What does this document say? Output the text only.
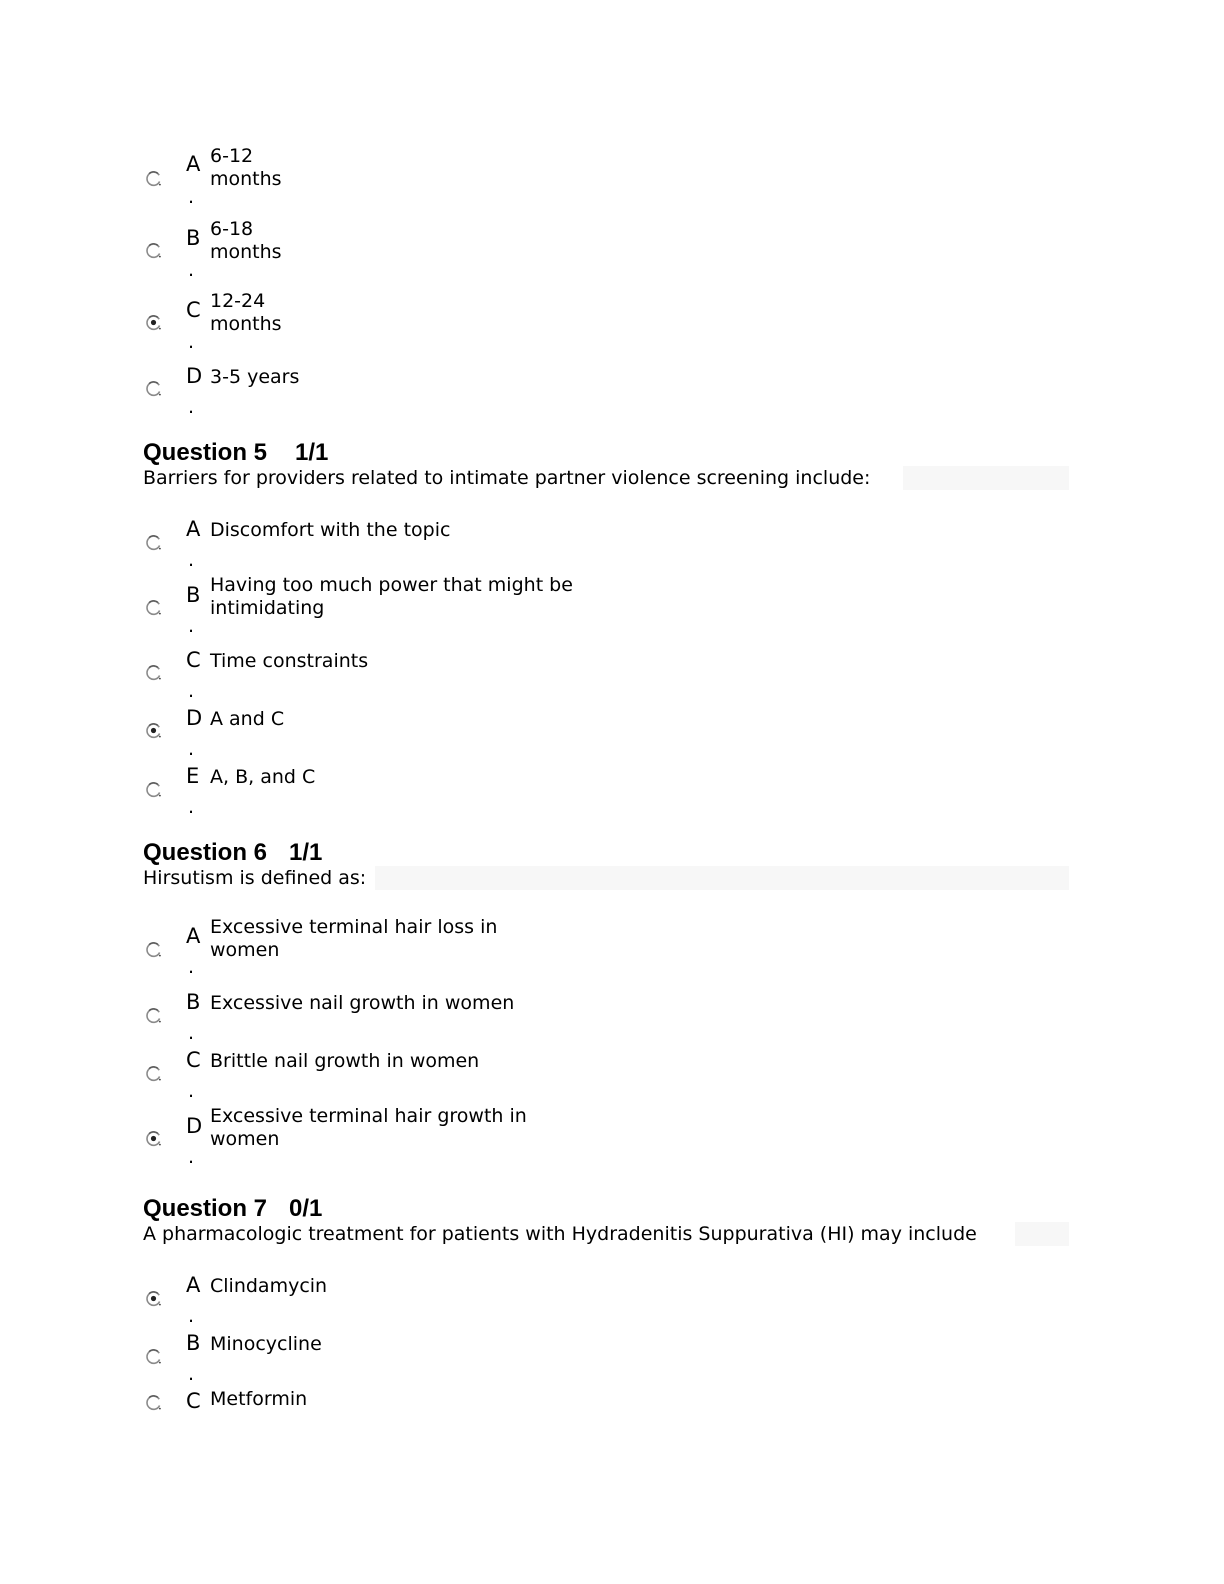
A 6-12
months
.
B 6-18
months
.
C 12-24
months
.
D 3-5 years
.
Question 5 1/1
Barriers for providers related to intimate partner violence screening include:
A Discomfort with the topic
.
B Having too much power that might be
intimidating
.
C Time constraints
.
D A and C
.
E A, B, and C
.
Question 6 1/1
Hirsutism is defined as:
A Excessive terminal hair loss in
women
.
B Excessive nail growth in women
.
C Brittle nail growth in women
.
D Excessive terminal hair growth in
women
.
Question 7 0/1
A pharmacologic treatment for patients with Hydradenitis Suppurativa (HI) may include
A Clindamycin
.
B Minocycline
.
C Metformin
